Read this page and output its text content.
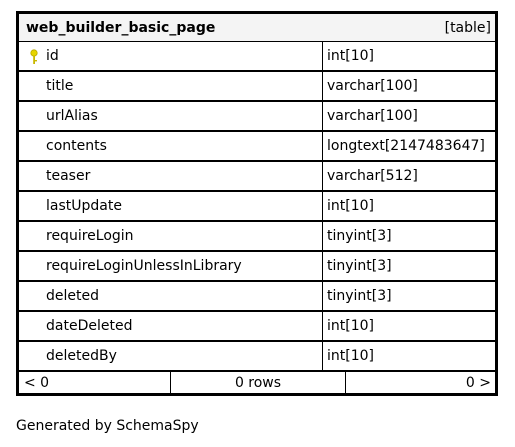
web_builder_basic_page	[table]
id	int[10]
title	varchar[100]
urlAlias	varchar[100]
contents	longtext[2147483647]
teaser	varchar[512]
lastUpdate	int[10]
requireLogin	tinyint[3]
requireLoginUnlessInLibrary	tinyint[3]
deleted	tinyint[3]
dateDeleted	int[10]
deletedBy	int[10]
< 0	0 rows	0 >
Generated by SchemaSpy
